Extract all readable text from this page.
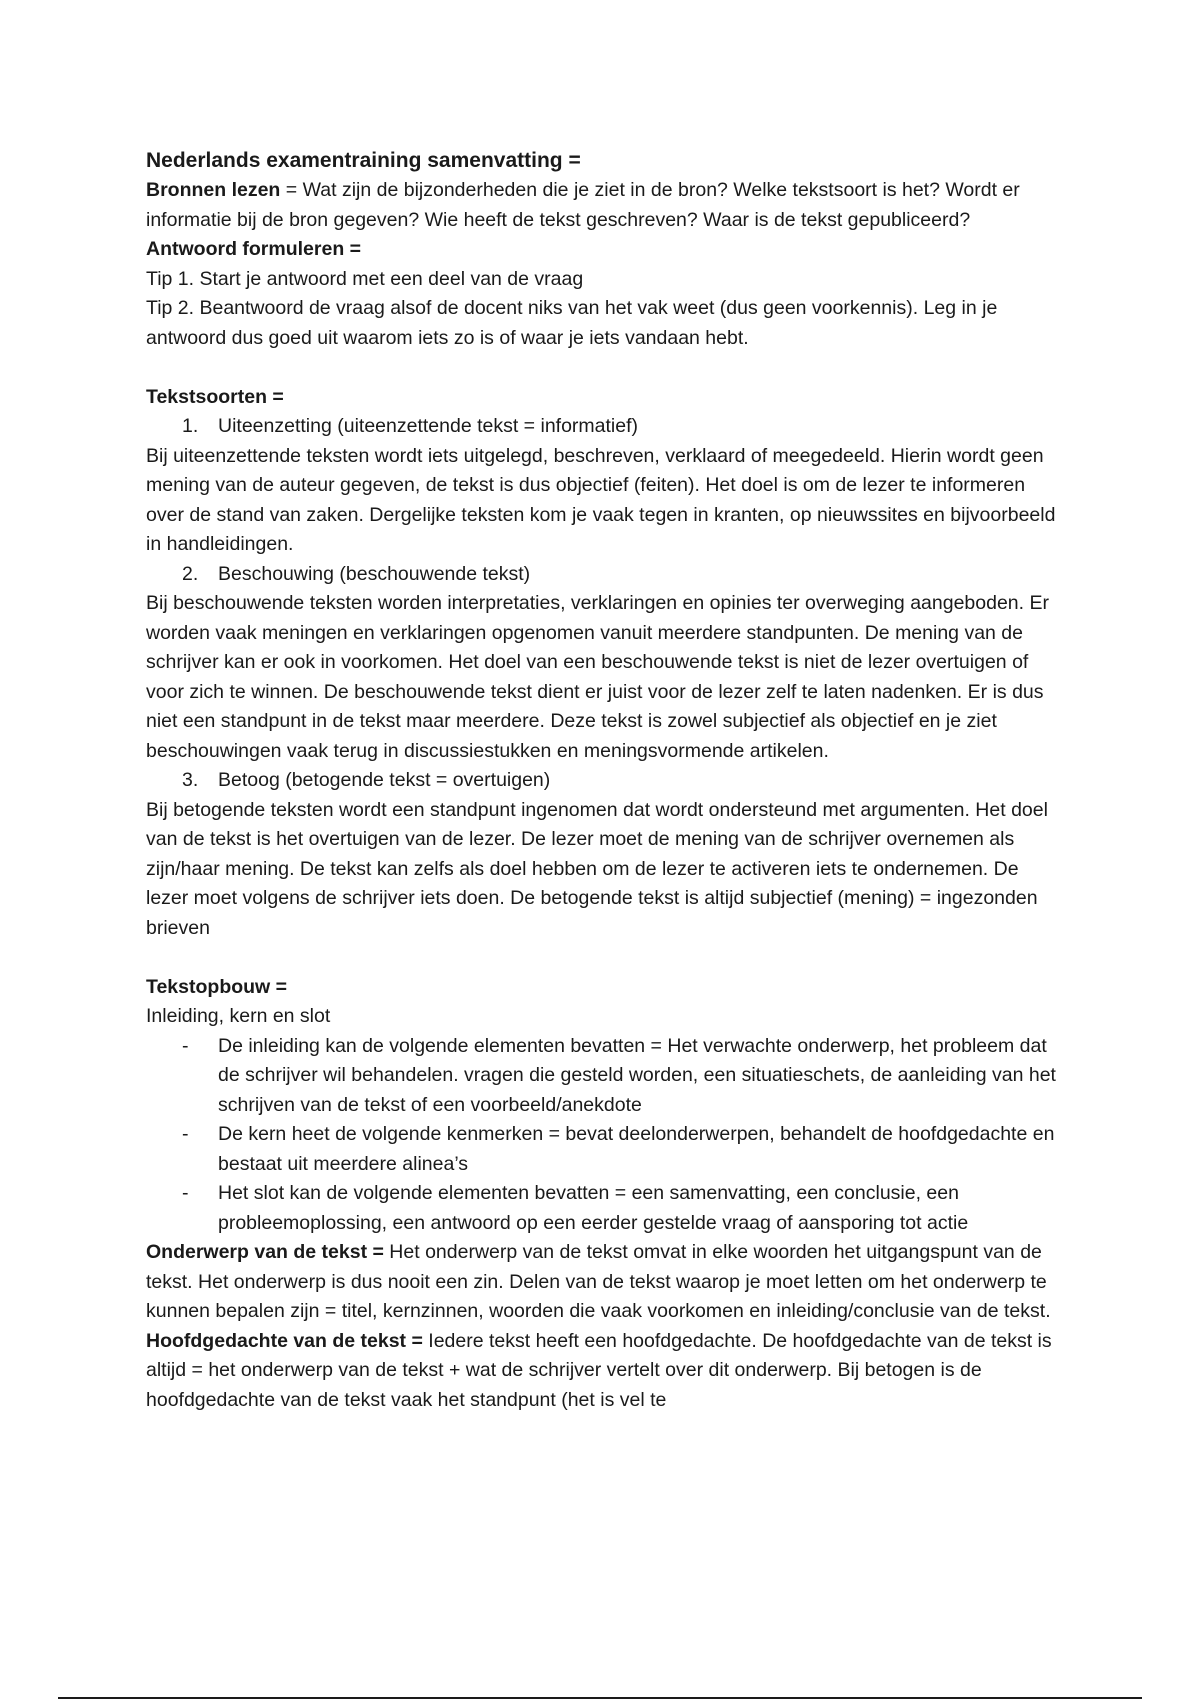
Nederlands examentraining samenvatting =

Bronnen lezen = Wat zijn de bijzonderheden die je ziet in de bron? Welke tekstsoort is het? Wordt er informatie bij de bron gegeven? Wie heeft de tekst geschreven? Waar is de tekst gepubliceerd?

Antwoord formuleren =

Tip 1. Start je antwoord met een deel van de vraag

Tip 2. Beantwoord de vraag alsof de docent niks van het vak weet (dus geen voorkennis). Leg in je antwoord dus goed uit waarom iets zo is of waar je iets vandaan hebt.

Tekstsoorten =

1. Uiteenzetting (uiteenzettende tekst = informatief)

Bij uiteenzettende teksten wordt iets uitgelegd, beschreven, verklaard of meegedeeld. Hierin wordt geen mening van de auteur gegeven, de tekst is dus objectief (feiten). Het doel is om de lezer te informeren over de stand van zaken. Dergelijke teksten kom je vaak tegen in kranten, op nieuwssites en bijvoorbeeld in handleidingen.

2. Beschouwing (beschouwende tekst)

Bij beschouwende teksten worden interpretaties, verklaringen en opinies ter overweging aangeboden. Er worden vaak meningen en verklaringen opgenomen vanuit meerdere standpunten. De mening van de schrijver kan er ook in voorkomen. Het doel van een beschouwende tekst is niet de lezer overtuigen of voor zich te winnen. De beschouwende tekst dient er juist voor de lezer zelf te laten nadenken. Er is dus niet een standpunt in de tekst maar meerdere. Deze tekst is zowel subjectief als objectief en je ziet beschouwingen vaak terug in discussiestukken en meningsvormende artikelen.

3. Betoog (betogende tekst = overtuigen)

Bij betogende teksten wordt een standpunt ingenomen dat wordt ondersteund met argumenten. Het doel van de tekst is het overtuigen van de lezer. De lezer moet de mening van de schrijver overnemen als zijn/haar mening. De tekst kan zelfs als doel hebben om de lezer te activeren iets te ondernemen. De lezer moet volgens de schrijver iets doen. De betogende tekst is altijd subjectief (mening) = ingezonden brieven

Tekstopbouw =

Inleiding, kern en slot

- De inleiding kan de volgende elementen bevatten = Het verwachte onderwerp, het probleem dat de schrijver wil behandelen. vragen die gesteld worden, een situatieschets, de aanleiding van het schrijven van de tekst of een voorbeeld/anekdote
- De kern heet de volgende kenmerken = bevat deelonderwerpen, behandelt de hoofdgedachte en bestaat uit meerdere alinea’s
- Het slot kan de volgende elementen bevatten = een samenvatting, een conclusie, een probleemoplossing, een antwoord op een eerder gestelde vraag of aansporing tot actie

Onderwerp van de tekst = Het onderwerp van de tekst omvat in elke woorden het uitgangspunt van de tekst. Het onderwerp is dus nooit een zin. Delen van de tekst waarop je moet letten om het onderwerp te kunnen bepalen zijn = titel, kernzinnen, woorden die vaak voorkomen en inleiding/conclusie van de tekst.

Hoofdgedachte van de tekst = Iedere tekst heeft een hoofdgedachte. De hoofdgedachte van de tekst is altijd = het onderwerp van de tekst + wat de schrijver vertelt over dit onderwerp. Bij betogen is de hoofdgedachte van de tekst vaak het standpunt (het is vel te
